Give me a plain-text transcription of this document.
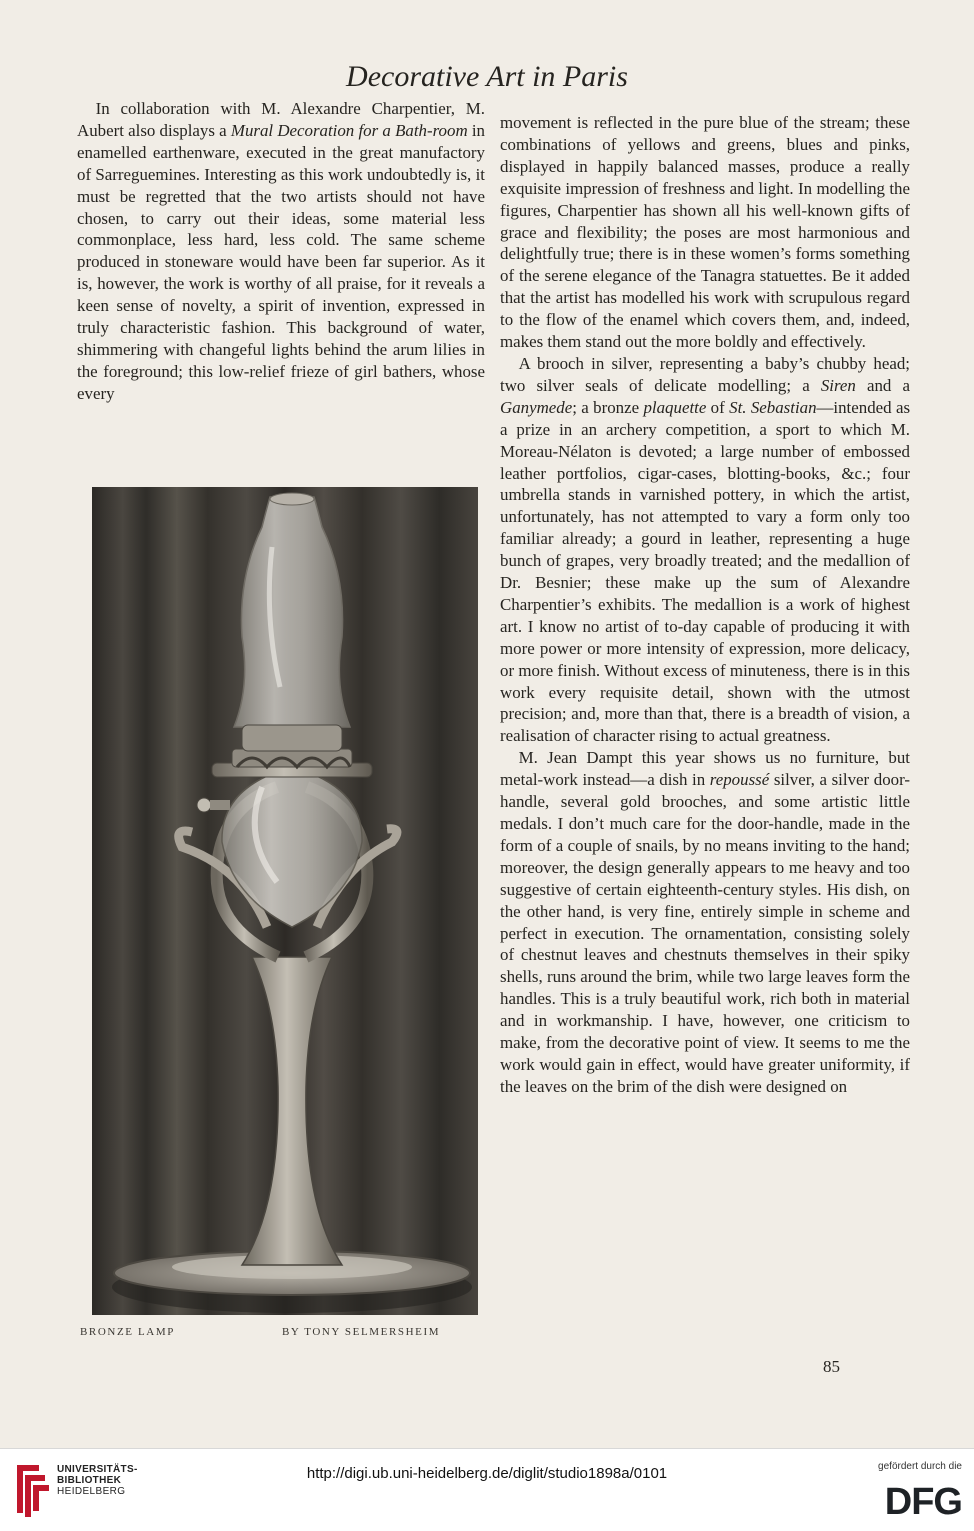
Decorative Art in Paris

In collaboration with M. Alexandre Charpentier, M. Aubert also displays a Mural Decoration for a Bath-room in enamelled earthenware, executed in the great manufactory of Sarreguemines. Interesting as this work undoubtedly is, it must be regretted that the two artists should not have chosen, to carry out their ideas, some material less commonplace, less hard, less cold. The same scheme produced in stoneware would have been far superior. As it is, however, the work is worthy of all praise, for it reveals a keen sense of novelty, a spirit of invention, expressed in truly characteristic fashion. This background of water, shimmering with changeful lights behind the arum lilies in the foreground; this low-relief frieze of girl bathers, whose every

movement is reflected in the pure blue of the stream; these combinations of yellows and greens, blues and pinks, displayed in happily balanced masses, produce a really exquisite impression of freshness and light. In modelling the figures, Charpentier has shown all his well-known gifts of grace and flexibility; the poses are most harmonious and delightfully true; there is in these women’s forms something of the serene elegance of the Tanagra statuettes. Be it added that the artist has modelled his work with scrupulous regard to the flow of the enamel which covers them, and, indeed, makes them stand out the more boldly and effectively.

A brooch in silver, representing a baby’s chubby head; two silver seals of delicate modelling; a Siren and a Ganymede; a bronze plaquette of St. Sebastian—intended as a prize in an archery competition, a sport to which M. Moreau-Nélaton is devoted; a large number of embossed leather portfolios, cigar-cases, blotting-books, &c.; four umbrella stands in varnished pottery, in which the artist, unfortunately, has not attempted to vary a form only too familiar already; a gourd in leather, representing a huge bunch of grapes, very broadly treated; and the medallion of Dr. Besnier; these make up the sum of Alexandre Charpentier’s exhibits. The medallion is a work of highest art. I know no artist of to-day capable of producing it with more power or more intensity of expression, more delicacy, or more finish. Without excess of minuteness, there is in this work every requisite detail, shown with the utmost precision; and, more than that, there is a breadth of vision, a realisation of character rising to actual greatness.

M. Jean Dampt this year shows us no furniture, but metal-work instead—a dish in repoussé silver, a silver door-handle, several gold brooches, and some artistic little medals. I don’t much care for the door-handle, made in the form of a couple of snails, by no means inviting to the hand; moreover, the design generally appears to me heavy and too suggestive of certain eighteenth-century styles. His dish, on the other hand, is very fine, entirely simple in scheme and perfect in execution. The ornamentation, consisting solely of chestnut leaves and chestnuts themselves in their spiky shells, runs around the brim, while two large leaves form the handles. This is a truly beautiful work, rich both in material and in workmanship. I have, however, one criticism to make, from the decorative point of view. It seems to me the work would gain in effect, would have greater uniformity, if the leaves on the brim of the dish were designed on

BRONZE LAMP	BY TONY SELMERSHEIM
85
UNIVERSITÄTS-
BIBLIOTHEK
HEIDELBERG
http://digi.ub.uni-heidelberg.de/diglit/studio1898a/0101	gefördert durch die
DFG
